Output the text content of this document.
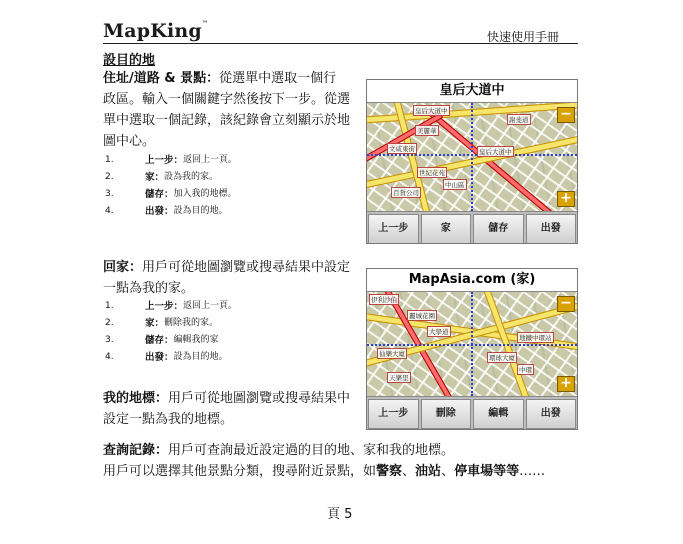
MapKing™
快速使用手冊
設目的地
住址/道路 & 景點：從選單中選取一個行
政區。輸入一個關鍵字然後按下一步。從選
單中選取一個記錄，該紀錄會立刻顯示於地
圖中心。
1.	上一步： 返回上一頁。
2.	家： 設為我的家。
3.	儲存： 加入我的地標。
4.	出發： 設為目的地。
皇后大道中
皇后大道中
美麗華
謝斐道
文咸東街	皇后大道中
世紀花苑
中山區
百貨公司
−
+
上一步	家	儲存	出發
回家：用戶可從地圖瀏覽或搜尋結果中設定
一點為我的家。
1.	上一步： 返回上一頁。
2.	家： 刪除我的家。
3.	儲存： 編輯我的家
4.	出發： 設為目的地。
MapAsia.com (家)
伊利沙伯
麗城花園
大學道
仙樂大廈
地鐵中環站
環球大廈
天樂里
中環
−
+
上一步	刪除	編輯	出發
我的地標：用戶可從地圖瀏覽或搜尋結果中
設定一點為我的地標。
查詢記錄：用戶可查詢最近設定過的目的地、家和我的地標。
用戶可以選擇其他景點分類，搜尋附近景點，如警察、油站、停車場等等……
頁 5
